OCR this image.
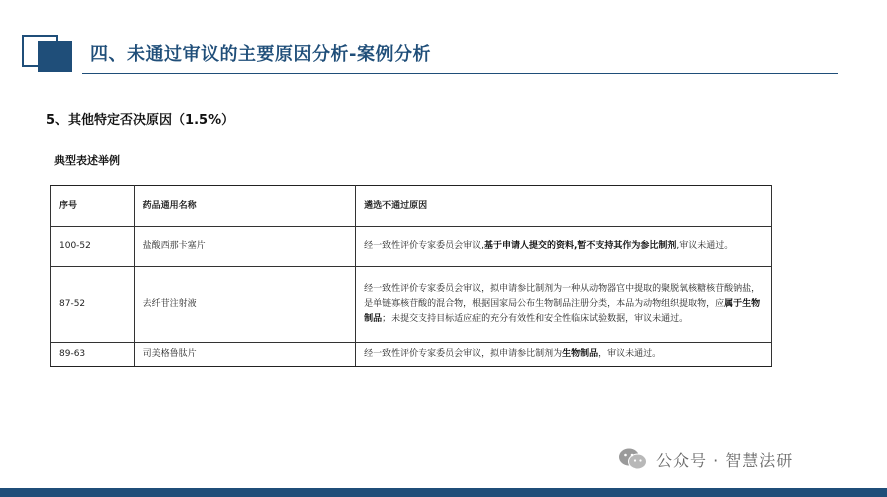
四、未通过审议的主要原因分析-案例分析
5、其他特定否决原因（1.5%）
典型表述举例
序号	药品通用名称	遴选不通过原因
100-52	盐酸西那卡塞片	经一致性评价专家委员会审议,基于申请人提交的资料,暂不支持其作为参比制剂,审议未通过。
87-52	去纤苷注射液	经一致性评价专家委员会审议，拟申请参比制剂为一种从动物器官中提取的聚脱氧核糖核苷酸钠盐，是单链寡核苷酸的混合物，根据国家局公布生物制品注册分类，本品为动物组织提取物，应属于生物制品；未提交支持目标适应症的充分有效性和安全性临床试验数据，审议未通过。
89-63	司美格鲁肽片	经一致性评价专家委员会审议，拟申请参比制剂为生物制品，审议未通过。
公众号 · 智慧法研
